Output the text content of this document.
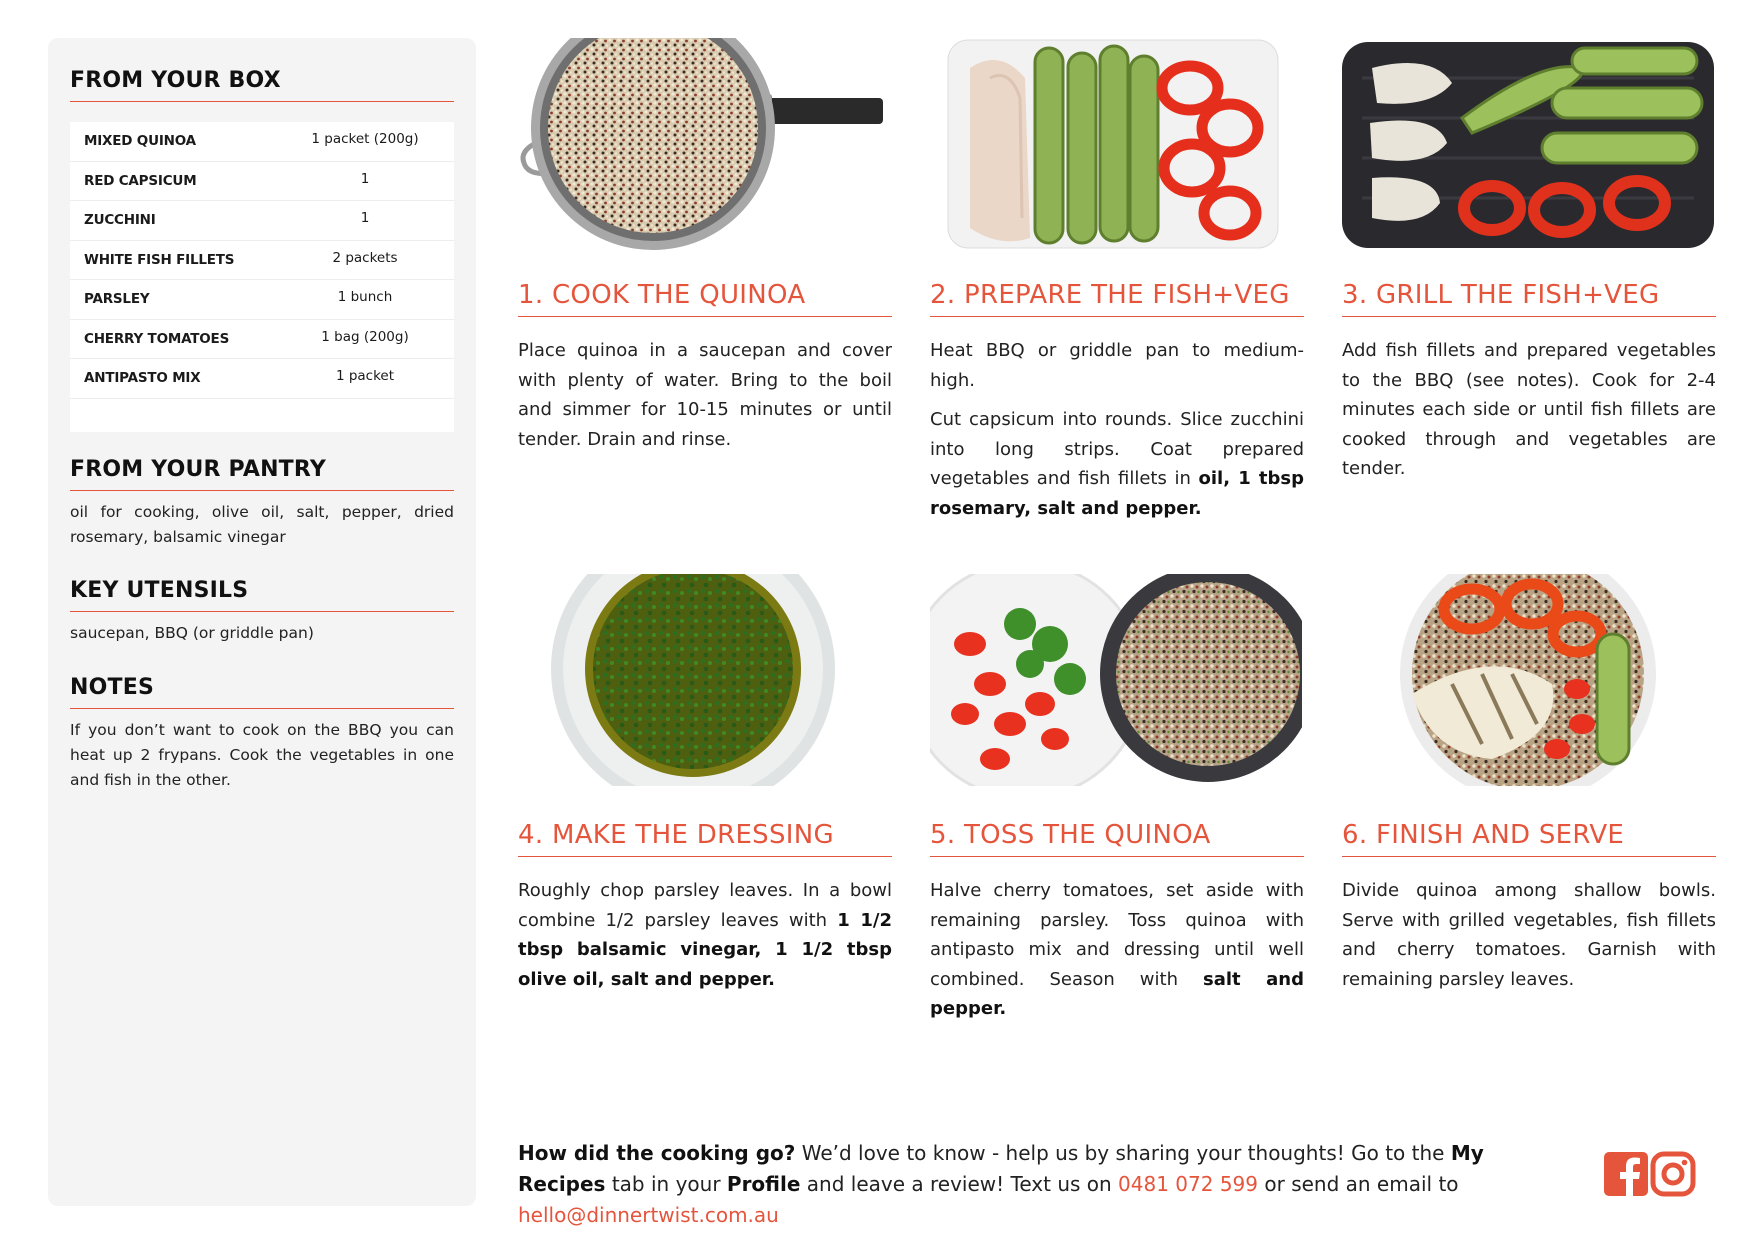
FROM YOUR BOX
MIXED QUINOA	1 packet (200g)
RED CAPSICUM	1
ZUCCHINI	1
WHITE FISH FILLETS	2 packets
PARSLEY	1 bunch
CHERRY TOMATOES	1 bag (200g)
ANTIPASTO MIX	1 packet
FROM YOUR PANTRY
oil for cooking, olive oil, salt, pepper, dried rosemary, balsamic vinegar
KEY UTENSILS
saucepan, BBQ (or griddle pan)
NOTES
If you don’t want to cook on the BBQ you can heat up 2 frypans. Cook the vegetables in one and fish in the other.
1. COOK THE QUINOA

Place quinoa in a saucepan and cover with plenty of water. Bring to the boil and simmer for 10-15 minutes or until tender. Drain and rinse.

2. PREPARE THE FISH+VEG

Heat BBQ or griddle pan to medium-high.

Cut capsicum into rounds. Slice zucchini into long strips. Coat prepared vegetables and fish fillets in oil, 1 tbsp rosemary, salt and pepper.

3. GRILL THE FISH+VEG

Add fish fillets and prepared vegetables to the BBQ (see notes). Cook for 2-4 minutes each side or until fish fillets are cooked through and vegetables are tender.

4. MAKE THE DRESSING

Roughly chop parsley leaves. In a bowl combine 1/2 parsley leaves with 1 1/2 tbsp balsamic vinegar, 1 1/2 tbsp olive oil, salt and pepper.

5. TOSS THE QUINOA

Halve cherry tomatoes, set aside with remaining parsley. Toss quinoa with antipasto mix and dressing until well combined. Season with salt and pepper.

6. FINISH AND SERVE

Divide quinoa among shallow bowls. Serve with grilled vegetables, fish fillets and cherry tomatoes. Garnish with remaining parsley leaves.

How did the cooking go? We’d love to know - help us by sharing your thoughts! Go to the My Recipes tab in your Profile and leave a review! Text us on 0481 072 599 or send an email to hello@dinnertwist.com.au
